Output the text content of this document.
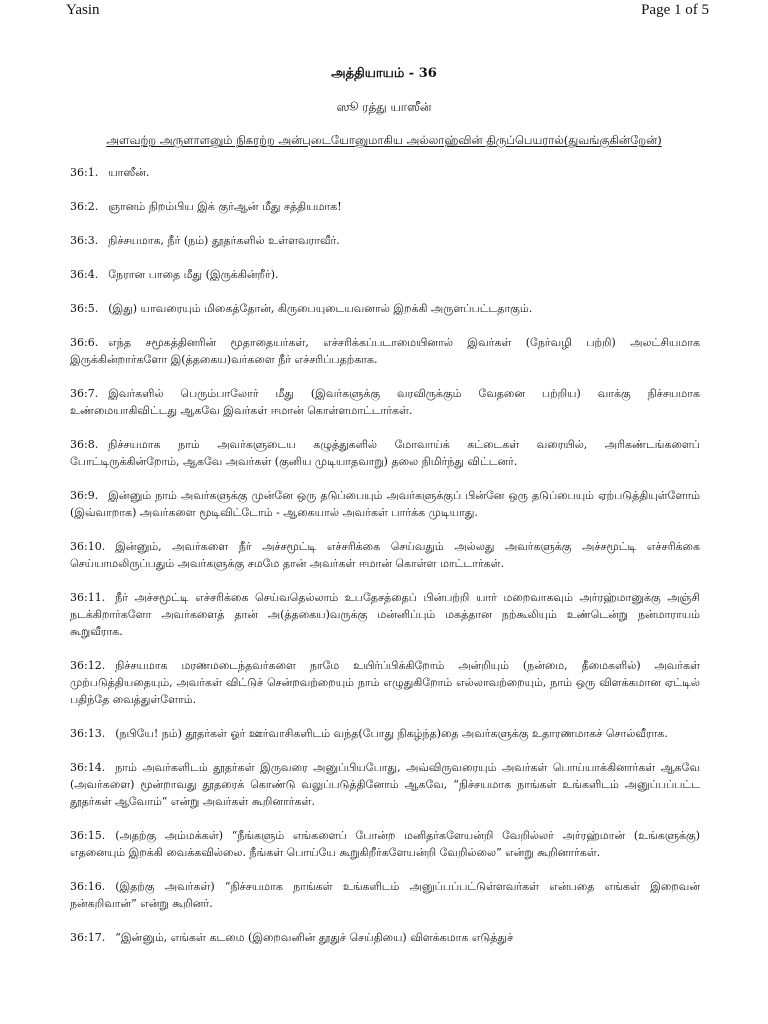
Yasin	Page 1 of 5
அத்தியாயம் - 36
ஸூ ரத்து யாஸீன்
அளவற்ற அருளாளனும் நிகரற்ற அன்புடையோனுமாகிய அல்லாஹ்வின் திருப்பெயரால்(துவங்குகின்றேன்)

36:1. யாஸீன்.

36:2. ஞானம் நிறம்பிய இக் குர்ஆன் மீது சத்தியமாக!

36:3. நிச்சயமாக, நீர் (நம்) தூதர்களில் உள்ளவராவீர்.

36:4. நேரான பாதை மீது (இருக்கின்றீர்).

36:5. (இது) யாவரையும் மிகைத்தோன், கிருபையுடையவனால் இறக்கி அருளப்பட்டதாகும்.

36:6. எந்த சமூகத்தினரின் மூதாதையர்கள், எச்சரிக்கப்படாமையினால் இவர்கள் (நேர்வழி பற்றி) அலட்சியமாக இருக்கின்றார்களோ இ(த்தகைய)வர்களை நீர் எச்சரிப்பதற்காக.

36:7. இவர்களில் பெரும்பாலோர் மீது (இவர்களுக்கு வரவிருக்கும் வேதனை பற்றிய) வாக்கு நிச்சயமாக உண்மையாகிவிட்டது ஆகவே இவர்கள் ஈமான் கொள்ளமாட்டார்கள்.

36:8. நிச்சயமாக நாம் அவர்களுடைய கழுத்துகளில் மோவாய்க் கட்டைகள் வரையில், அரிகண்டங்களைப் போட்டிருக்கின்றோம், ஆகவே அவர்கள் (குனிய முடியாதவாறு) தலை நிமிர்ந்து விட்டனர்.

36:9. இன்னும் நாம் அவர்களுக்கு முன்னே ஒரு தடுப்பையும் அவர்களுக்குப் பின்னே ஒரு தடுப்பையும் ஏற்படுத்தியுள்ளோம் (இவ்வாறாக) அவர்களை மூடிவிட்டோம் - ஆகையால் அவர்கள் பார்க்க முடியாது.

36:10. இன்னும், அவர்களை நீர் அச்சமூட்டி எச்சரிக்கை செய்வதும் அல்லது அவர்களுக்கு அச்சமூட்டி எச்சரிக்கை செய்யாமலிருப்பதும் அவர்களுக்கு சமமே தான் அவர்கள் ஈமான் கொள்ள மாட்டார்கள்.

36:11. நீர் அச்சமூட்டி எச்சரிக்கை செய்வதெல்லாம் உபதேசத்தைப் பின்பற்றி யார் மறைவாகவும் அர்ரஹ்மானுக்கு அஞ்சி நடக்கிறார்களோ அவர்களைத் தான் அ(த்தகைய)வருக்கு மன்னிப்பும் மகத்தான நற்கூலியும் உண்டென்று நன்மாராயம் கூறுவீராக.

36:12. நிச்சயமாக மரணமடைந்தவர்களை நாமே உயிர்ப்பிக்கிறோம் அன்றியும் (நன்மை, தீமைகளில்) அவர்கள் முற்படுத்தியதையும், அவர்கள் விட்டுச் சென்றவற்றையும் நாம் எழுதுகிறோம் எல்லாவற்றையும், நாம் ஒரு விளக்கமான ஏட்டில் பதிந்தே வைத்துள்ளோம்.

36:13. (நபியே! நம்) தூதர்கள் ஓர் ஊர்வாசிகளிடம் வந்த(போது நிகழ்ந்த)தை அவர்களுக்கு உதாரணமாகச் சொல்வீராக.

36:14. நாம் அவர்களிடம் தூதர்கள் இருவரை அனுப்பியபோது, அவ்விருவரையும் அவர்கள் பொய்யாக்கினார்கள் ஆகவே (அவர்களை) மூன்றாவது தூதரைக் கொண்டு வலுப்படுத்தினோம் ஆகவே, “நிச்சயமாக நாங்கள் உங்களிடம் அனுப்பப்பட்ட தூதர்கள் ஆவோம்” என்று அவர்கள் கூறினார்கள்.

36:15. (அதற்கு அம்மக்கள்) “நீங்களும் எங்களைப் போன்ற மனிதர்களேயன்றி வேறில்லர் அர்ரஹ்மான் (உங்களுக்கு) எதனையும் இறக்கி வைக்கவில்லை. நீங்கள் பொய்யே கூறுகிறீர்களேயன்றி வேறில்லை” என்று கூறினார்கள்.

36:16. (இதற்கு அவர்கள்) “நிச்சயமாக நாங்கள் உங்களிடம் அனுப்பப்பட்டுள்ளவர்கள் என்பதை எங்கள் இறைவன் நன்கறிவான்” என்று கூறினர்.

36:17. “இன்னும், எங்கள் கடமை (இறைவனின் தூதுச் செய்தியை) விளக்கமாக எடுத்துச்
